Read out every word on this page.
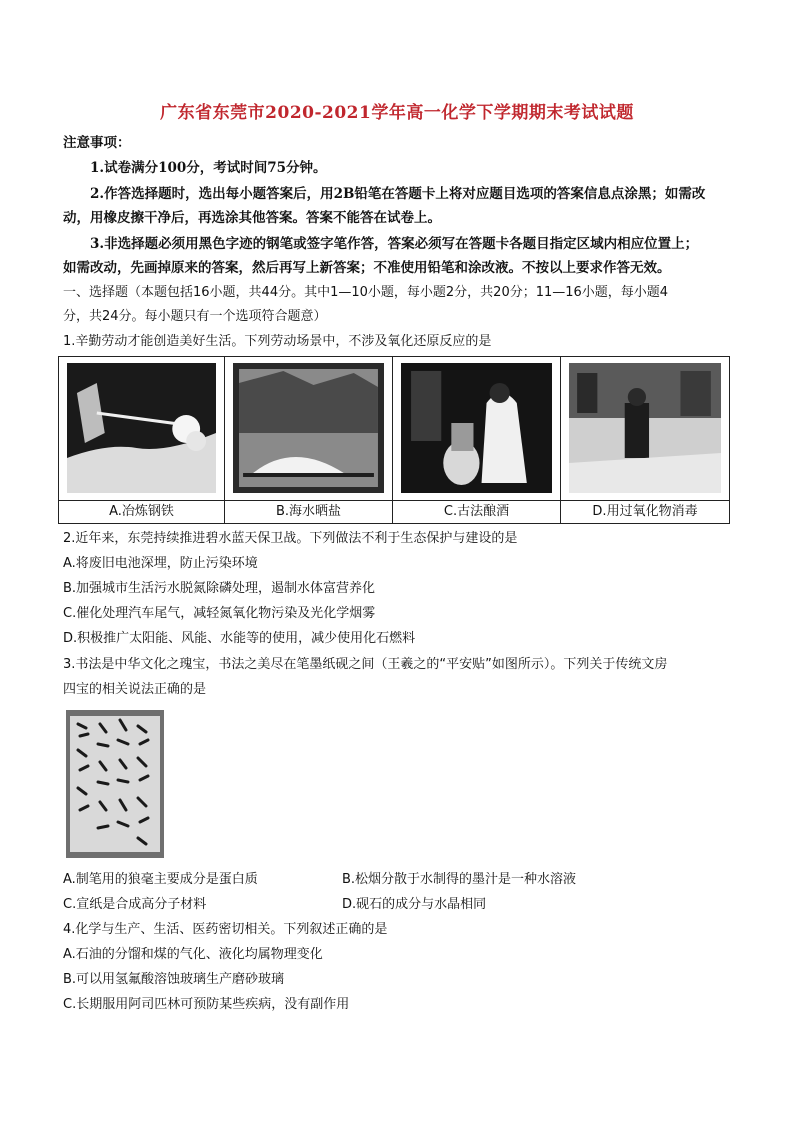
广东省东莞市2020-2021学年高一化学下学期期末考试试题
注意事项：
1.试卷满分100分，考试时间75分钟。
2.作答选择题时，选出每小题答案后，用2B铅笔在答题卡上将对应题目选项的答案信息点涂黑；如需改
动，用橡皮擦干净后，再选涂其他答案。答案不能答在试卷上。
3.非选择题必须用黑色字迹的钢笔或签字笔作答，答案必须写在答题卡各题目指定区域内相应位置上；
如需改动，先画掉原来的答案，然后再写上新答案；不准使用铅笔和涂改液。不按以上要求作答无效。
一、选择题（本题包括16小题，共44分。其中1—10小题，每小题2分，共20分；11—16小题，每小题4
分，共24分。每小题只有一个选项符合题意）
1.辛勤劳动才能创造美好生活。下列劳动场景中，不涉及氧化还原反应的是
A.冶炼钢铁	B.海水晒盐	C.古法酿酒	D.用过氧化物消毒
2.近年来，东莞持续推进碧水蓝天保卫战。下列做法不利于生态保护与建设的是
A.将废旧电池深埋，防止污染环境
B.加强城市生活污水脱氮除磷处理，遏制水体富营养化
C.催化处理汽车尾气，减轻氮氧化物污染及光化学烟雾
D.积极推广太阳能、风能、水能等的使用，减少使用化石燃料
3.书法是中华文化之瑰宝，书法之美尽在笔墨纸砚之间（王羲之的“平安贴”如图所示）。下列关于传统文房
四宝的相关说法正确的是
A.制笔用的狼毫主要成分是蛋白质	B.松烟分散于水制得的墨汁是一种水溶液
C.宣纸是合成高分子材料	D.砚石的成分与水晶相同
4.化学与生产、生活、医药密切相关。下列叙述正确的是
A.石油的分馏和煤的气化、液化均属物理变化
B.可以用氢氟酸溶蚀玻璃生产磨砂玻璃
C.长期服用阿司匹林可预防某些疾病，没有副作用
